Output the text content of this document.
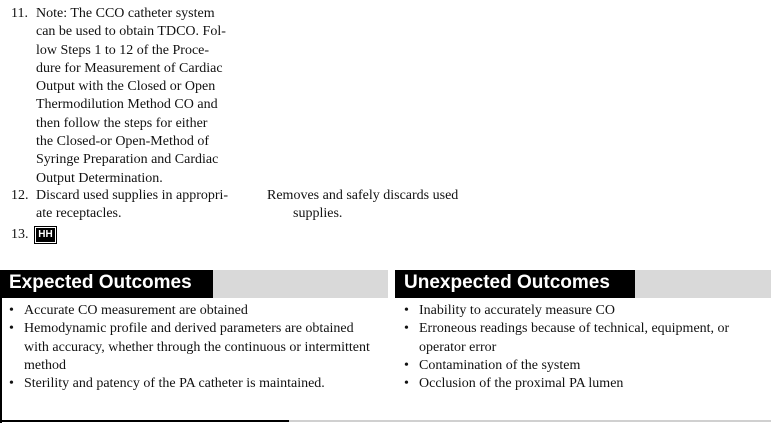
11. Note: The CCO catheter system
can be used to obtain TDCO. Fol-
low Steps 1 to 12 of the Proce-
dure for Measurement of Cardiac
Output with the Closed or Open
Thermodilution Method CO and
then follow the steps for either
the Closed-or Open-Method of
Syringe Preparation and Cardiac
Output Determination.
12. Discard used supplies in appropri-
ate receptacles.
Removes and safely discards used
supplies.
13. HH
Expected Outcomes	Unexpected Outcomes
• Accurate CO measurement are obtained
• Hemodynamic profile and derived parameters are obtained with accuracy, whether through the continuous or intermittent method
• Sterility and patency of the PA catheter is maintained.
• Inability to accurately measure CO
• Erroneous readings because of technical, equipment, or operator error
• Contamination of the system
• Occlusion of the proximal PA lumen
